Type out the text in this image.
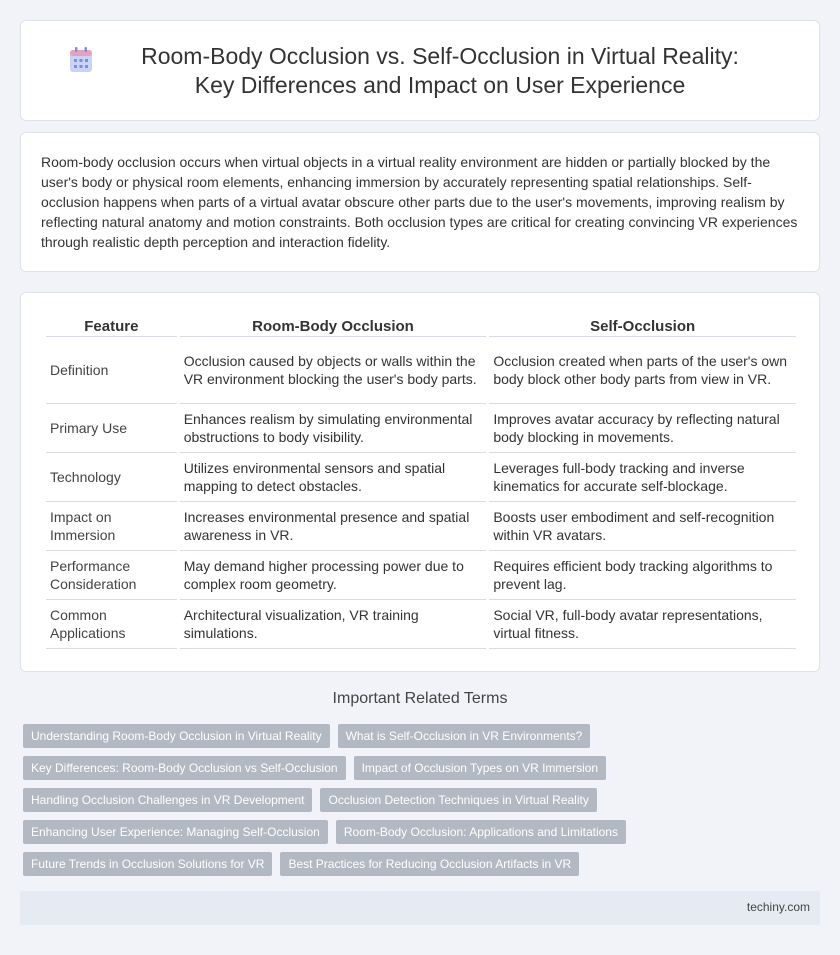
Room-Body Occlusion vs. Self-Occlusion in Virtual Reality: Key Differences and Impact on User Experience

Room-body occlusion occurs when virtual objects in a virtual reality environment are hidden or partially blocked by the user's body or physical room elements, enhancing immersion by accurately representing spatial relationships. Self-occlusion happens when parts of a virtual avatar obscure other parts due to the user's movements, improving realism by reflecting natural anatomy and motion constraints. Both occlusion types are critical for creating convincing VR experiences through realistic depth perception and interaction fidelity.

Feature	Room-Body Occlusion	Self-Occlusion
Definition	Occlusion caused by objects or walls within the VR environment blocking the user's body parts.	Occlusion created when parts of the user's own body block other body parts from view in VR.
Primary Use	Enhances realism by simulating environmental obstructions to body visibility.	Improves avatar accuracy by reflecting natural body blocking in movements.
Technology	Utilizes environmental sensors and spatial mapping to detect obstacles.	Leverages full-body tracking and inverse kinematics for accurate self-blockage.
Impact on Immersion	Increases environmental presence and spatial awareness in VR.	Boosts user embodiment and self-recognition within VR avatars.
Performance Consideration	May demand higher processing power due to complex room geometry.	Requires efficient body tracking algorithms to prevent lag.
Common Applications	Architectural visualization, VR training simulations.	Social VR, full-body avatar representations, virtual fitness.
Important Related Terms
Understanding Room-Body Occlusion in Virtual Reality	What is Self-Occlusion in VR Environments?
Key Differences: Room-Body Occlusion vs Self-Occlusion	Impact of Occlusion Types on VR Immersion
Handling Occlusion Challenges in VR Development	Occlusion Detection Techniques in Virtual Reality
Enhancing User Experience: Managing Self-Occlusion	Room-Body Occlusion: Applications and Limitations
Future Trends in Occlusion Solutions for VR	Best Practices for Reducing Occlusion Artifacts in VR
techiny.com
